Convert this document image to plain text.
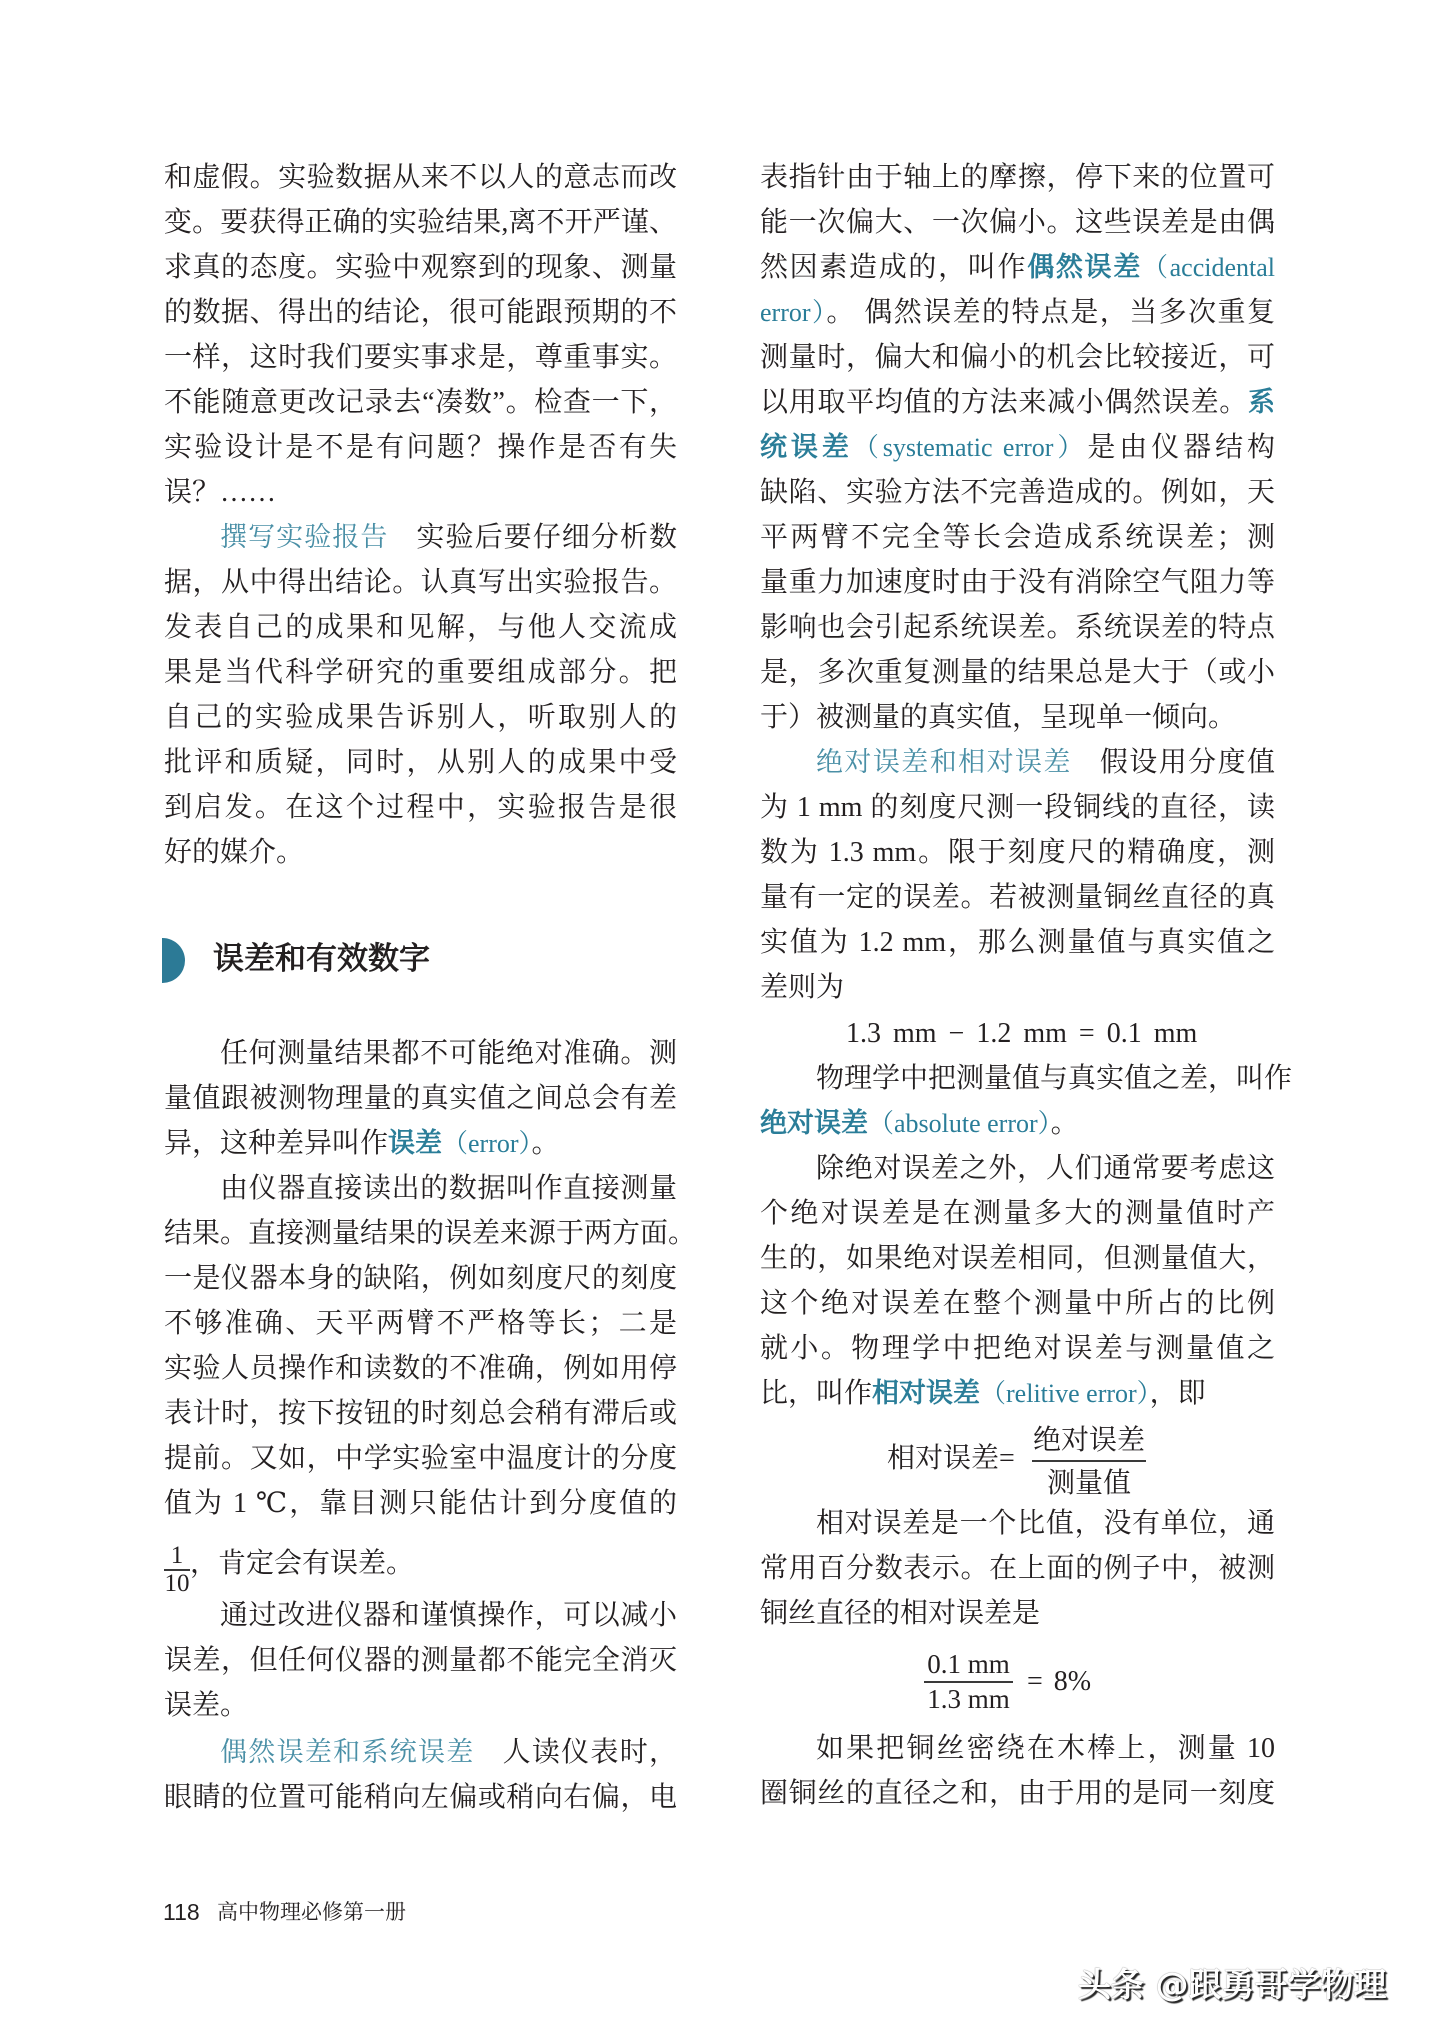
和虚假。实验数据从来不以人的意志而改
变。要获得正确的实验结果,离不开严谨、
求真的态度。实验中观察到的现象、测量
的数据、得出的结论，很可能跟预期的不
一样，这时我们要实事求是，尊重事实。
不能随意更改记录去“凑数”。检查一下，
实验设计是不是有问题？操作是否有失
误？……
撰写实验报告 实验后要仔细分析数
据，从中得出结论。认真写出实验报告。
发表自己的成果和见解，与他人交流成
果是当代科学研究的重要组成部分。把
自己的实验成果告诉别人，听取别人的
批评和质疑，同时，从别人的成果中受
到启发。在这个过程中，实验报告是很
好的媒介。
误差和有效数字
任何测量结果都不可能绝对准确。测
量值跟被测物理量的真实值之间总会有差
异，这种差异叫作误差（error）。
由仪器直接读出的数据叫作直接测量
结果。直接测量结果的误差来源于两方面。
一是仪器本身的缺陷，例如刻度尺的刻度
不够准确、天平两臂不严格等长；二是
实验人员操作和读数的不准确，例如用停
表计时，按下按钮的时刻总会稍有滞后或
提前。又如，中学实验室中温度计的分度
值为 1 ℃，靠目测只能估计到分度值的
1
10
，肯定会有误差。
通过改进仪器和谨慎操作，可以减小
误差，但任何仪器的测量都不能完全消灭
误差。
偶然误差和系统误差 人读仪表时，
眼睛的位置可能稍向左偏或稍向右偏，电
表指针由于轴上的摩擦，停下来的位置可
能一次偏大、一次偏小。这些误差是由偶
然因素造成的，叫作偶然误差（accidental
error）。 偶然误差的特点是，当多次重复
测量时，偏大和偏小的机会比较接近，可
以用取平均值的方法来减小偶然误差。系
统误差（systematic error）是由仪器结构
缺陷、实验方法不完善造成的。例如，天
平两臂不完全等长会造成系统误差；测
量重力加速度时由于没有消除空气阻力等
影响也会引起系统误差。系统误差的特点
是，多次重复测量的结果总是大于（或小
于）被测量的真实值，呈现单一倾向。
绝对误差和相对误差 假设用分度值
为 1 mm 的刻度尺测一段铜线的直径，读
数为 1.3 mm。限于刻度尺的精确度，测
量有一定的误差。若被测量铜丝直径的真
实值为 1.2 mm，那么测量值与真实值之
差则为
1.3 mm − 1.2 mm = 0.1 mm
物理学中把测量值与真实值之差，叫作
绝对误差（absolute error）。
除绝对误差之外，人们通常要考虑这
个绝对误差是在测量多大的测量值时产
生的，如果绝对误差相同，但测量值大，
这个绝对误差在整个测量中所占的比例
就小。物理学中把绝对误差与测量值之
比，叫作相对误差（relitive error），即
相对误差=
绝对误差
测量值
相对误差是一个比值，没有单位，通
常用百分数表示。在上面的例子中，被测
铜丝直径的相对误差是
0.1 mm
1.3 mm
= 8%
如果把铜丝密绕在木棒上，测量 10
圈铜丝的直径之和，由于用的是同一刻度
118 高中物理必修第一册
头条 @跟勇哥学物理
